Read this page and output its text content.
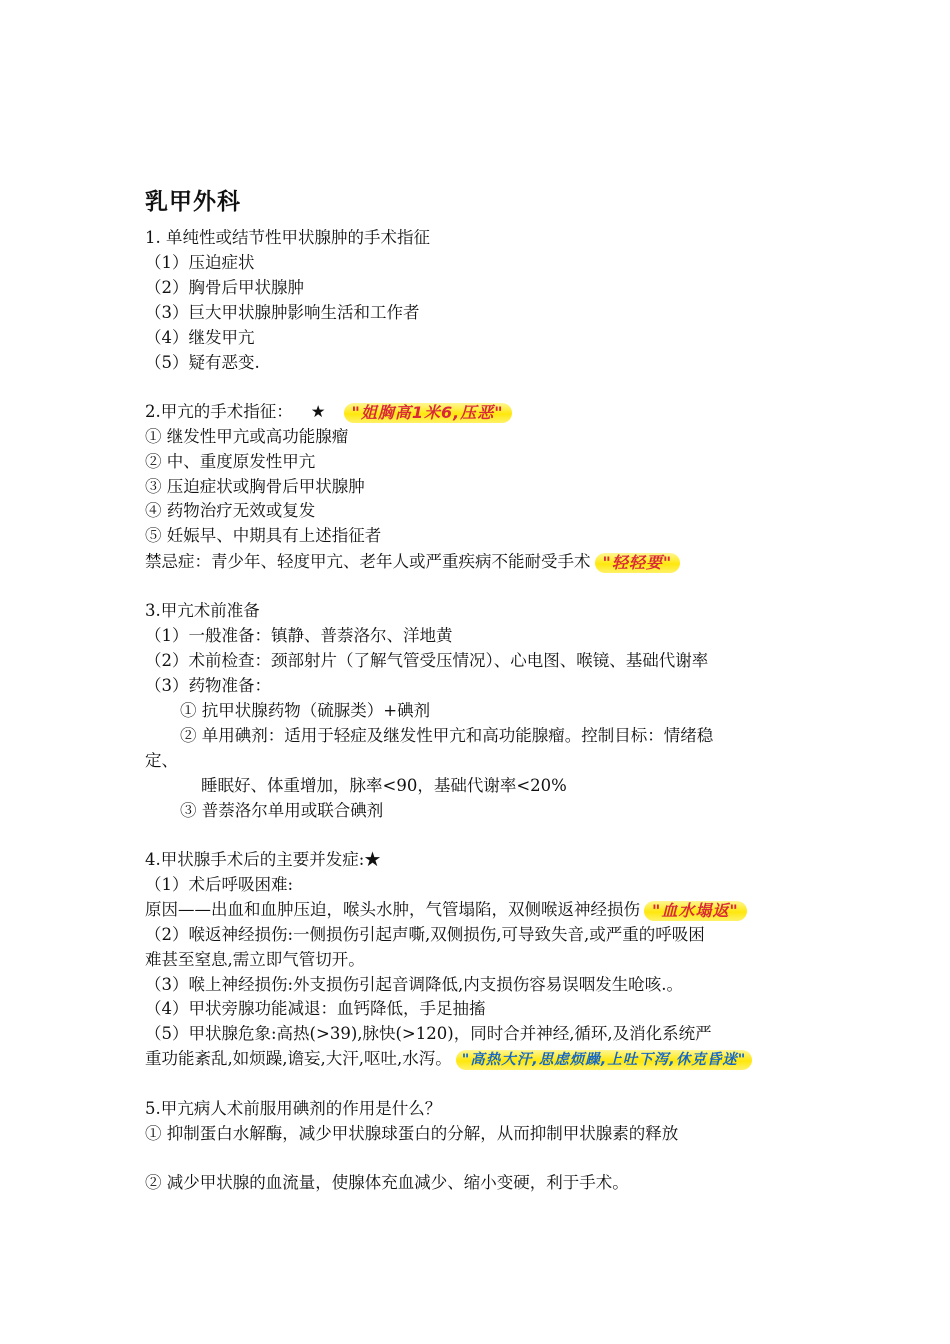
乳甲外科
1. 单纯性或结节性甲状腺肿的手术指征
（1）压迫症状
（2）胸骨后甲状腺肿
（3）巨大甲状腺肿影响生活和工作者
（4）继发甲亢
（5）疑有恶变.
2.甲亢的手术指征： ★ "姐胸高1米6,压恶"
① 继发性甲亢或高功能腺瘤
② 中、重度原发性甲亢
③ 压迫症状或胸骨后甲状腺肿
④ 药物治疗无效或复发
⑤ 妊娠早、中期具有上述指征者
禁忌症：青少年、轻度甲亢、老年人或严重疾病不能耐受手术 "轻轻要"
3.甲亢术前准备
（1）一般准备：镇静、普萘洛尔、洋地黄
（2）术前检查：颈部射片（了解气管受压情况）、心电图、喉镜、基础代谢率
（3）药物准备：
① 抗甲状腺药物（硫脲类）+碘剂
② 单用碘剂：适用于轻症及继发性甲亢和高功能腺瘤。控制目标：情绪稳
定、
睡眠好、体重增加，脉率<90，基础代谢率<20%
③ 普萘洛尔单用或联合碘剂
4.甲状腺手术后的主要并发症:★
（1）术后呼吸困难:
原因——出血和血肿压迫，喉头水肿，气管塌陷，双侧喉返神经损伤 "血水塌返"
（2）喉返神经损伤:一侧损伤引起声嘶,双侧损伤,可导致失音,或严重的呼吸困
难甚至窒息,需立即气管切开。
（3）喉上神经损伤:外支损伤引起音调降低,内支损伤容易误咽发生呛咳.。
（4）甲状旁腺功能减退：血钙降低，手足抽搐
（5）甲状腺危象:高热(>39),脉快(>120)，同时合并神经,循环,及消化系统严
重功能紊乱,如烦躁,谵妄,大汗,呕吐,水泻。 "高热大汗,思虑烦躁,上吐下泻,休克昏迷"
5.甲亢病人术前服用碘剂的作用是什么？
① 抑制蛋白水解酶，减少甲状腺球蛋白的分解，从而抑制甲状腺素的释放
② 减少甲状腺的血流量，使腺体充血减少、缩小变硬，利于手术。
